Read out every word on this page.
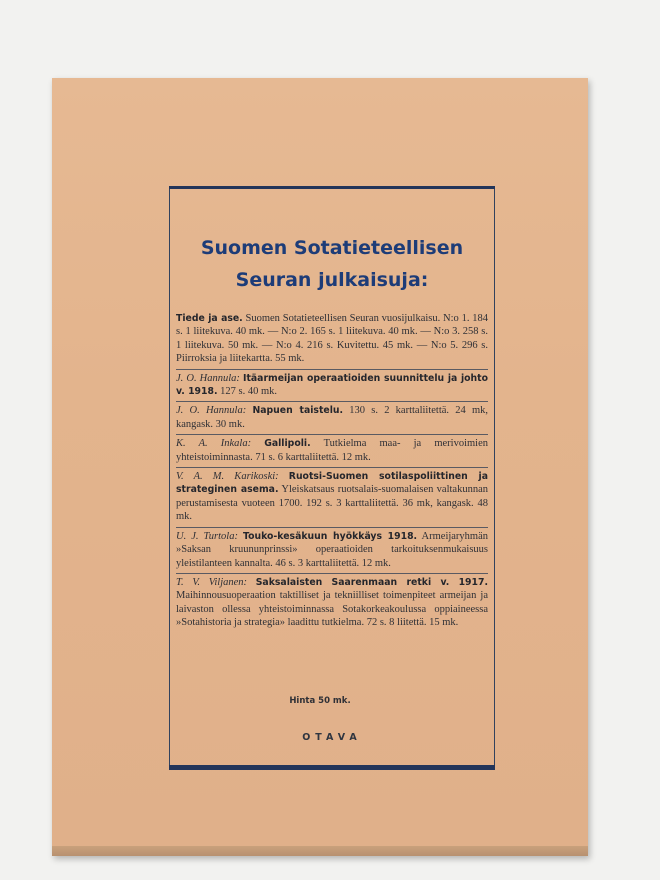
Suomen Sotatieteellisen
Seuran julkaisuja:
Tiede ja ase. Suomen Sotatieteellisen Seuran vuosijulkaisu. N:o 1. 184 s. 1 liitekuva. 40 mk. — N:o 2. 165 s. 1 liitekuva. 40 mk. — N:o 3. 258 s. 1 liitekuva. 50 mk. — N:o 4. 216 s. Kuvitettu. 45 mk. — N:o 5. 296 s. Piirroksia ja liitekartta. 55 mk.
J. O. Hannula: Itäarmeijan operaatioiden suunnittelu ja johto v. 1918. 127 s. 40 mk.
J. O. Hannula: Napuen taistelu. 130 s. 2 karttaliitettä. 24 mk, kangask. 30 mk.
K. A. Inkala: Gallipoli. Tutkielma maa- ja merivoimien yhteistoiminnasta. 71 s. 6 karttaliitettä. 12 mk.
V. A. M. Karikoski: Ruotsi-Suomen sotilaspoliittinen ja strateginen asema. Yleiskatsaus ruotsalais-suomalaisen valtakunnan perustamisesta vuoteen 1700. 192 s. 3 karttaliitettä. 36 mk, kangask. 48 mk.
U. J. Turtola: Touko-kesäkuun hyökkäys 1918. Armeijaryhmän »Saksan kruununprinssi» operaatioiden tarkoituksenmukaisuus yleistilanteen kannalta. 46 s. 3 karttaliitettä. 12 mk.
T. V. Viljanen: Saksalaisten Saarenmaan retki v. 1917. Maihinnousuoperaation taktilliset ja tekniilliset toimenpiteet armeijan ja laivaston ollessa yhteistoiminnassa Sotakorkeakoulussa oppiaineessa »Sotahistoria ja strategia» laadittu tutkielma. 72 s. 8 liitettä. 15 mk.
OTAVA
Hinta 50 mk.
